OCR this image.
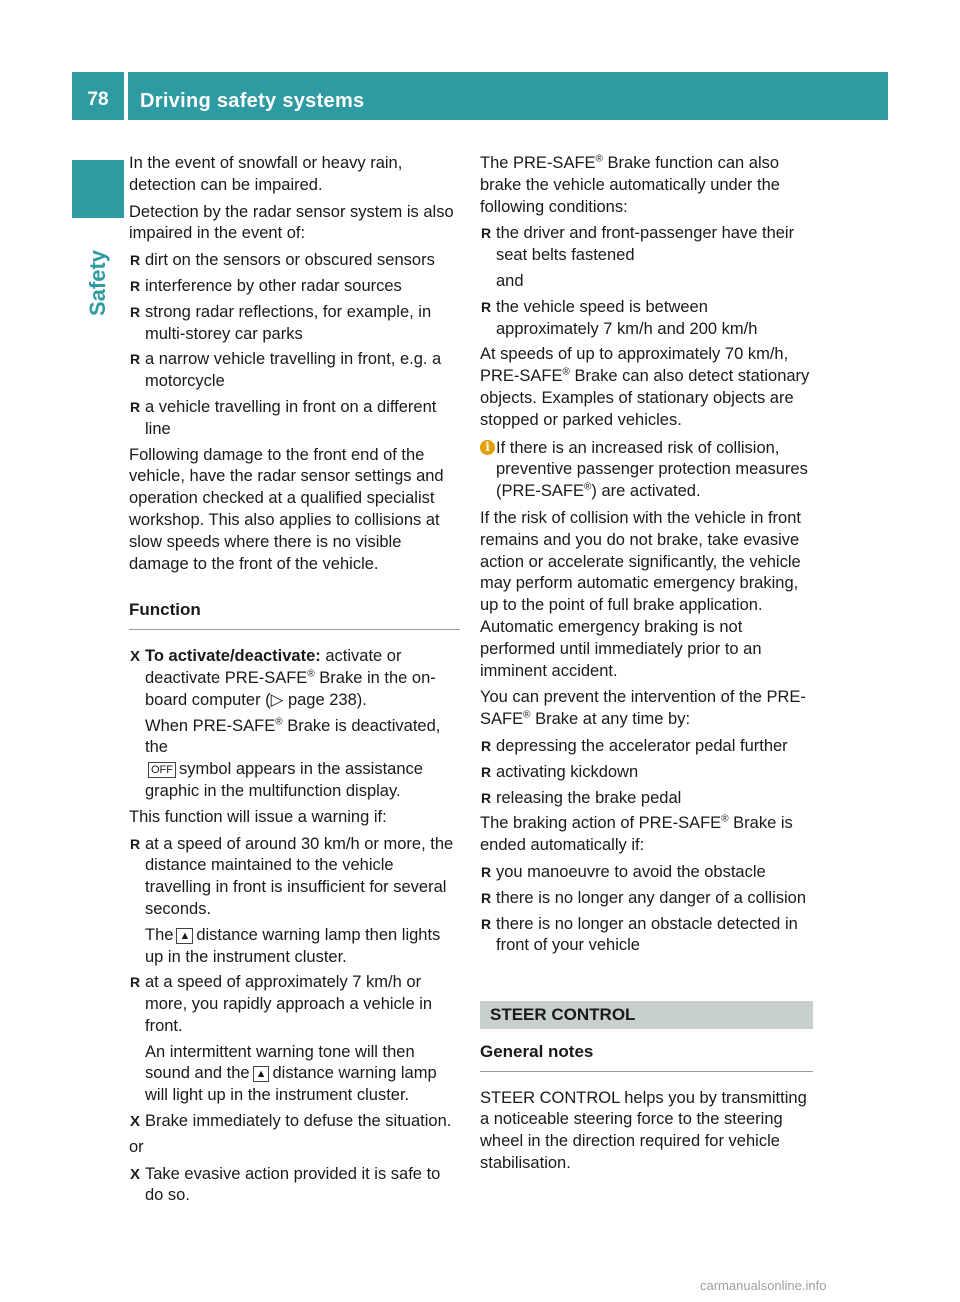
78	Driving safety systems
Safety

In the event of snowfall or heavy rain, detection can be impaired.

Detection by the radar sensor system is also impaired in the event of:

R dirt on the sensors or obscured sensors
R interference by other radar sources
R strong radar reflections, for example, in multi-storey car parks
R a narrow vehicle travelling in front, e.g. a motorcycle
R a vehicle travelling in front on a different line

Following damage to the front end of the vehicle, have the radar sensor settings and operation checked at a qualified specialist workshop. This also applies to collisions at slow speeds where there is no visible damage to the front of the vehicle.

Function
X To activate/deactivate: activate or deactivate PRE-SAFE® Brake in the on-board computer (▷ page 238).
When PRE-SAFE® Brake is deactivated, the
OFF symbol appears in the assistance graphic in the multifunction display.

This function will issue a warning if:

R at a speed of around 30 km/h or more, the distance maintained to the vehicle travelling in front is insufficient for several seconds.
The ▲ distance warning lamp then lights up in the instrument cluster.
R at a speed of approximately 7 km/h or more, you rapidly approach a vehicle in front.
An intermittent warning tone will then sound and the ▲ distance warning lamp will light up in the instrument cluster.
X Brake immediately to defuse the situation.

or

X Take evasive action provided it is safe to do so.

The PRE-SAFE® Brake function can also brake the vehicle automatically under the following conditions:

R the driver and front-passenger have their seat belts fastened
and
R the vehicle speed is between approximately 7 km/h and 200 km/h

At speeds of up to approximately 70 km/h, PRE-SAFE® Brake can also detect stationary objects. Examples of stationary objects are stopped or parked vehicles.

i If there is an increased risk of collision, preventive passenger protection measures (PRE-SAFE®) are activated.

If the risk of collision with the vehicle in front remains and you do not brake, take evasive action or accelerate significantly, the vehicle may perform automatic emergency braking, up to the point of full brake application. Automatic emergency braking is not performed until immediately prior to an imminent accident.

You can prevent the intervention of the PRE-SAFE® Brake at any time by:

R depressing the accelerator pedal further
R activating kickdown
R releasing the brake pedal

The braking action of PRE-SAFE® Brake is ended automatically if:

R you manoeuvre to avoid the obstacle
R there is no longer any danger of a collision
R there is no longer an obstacle detected in front of your vehicle
STEER CONTROL
General notes

STEER CONTROL helps you by transmitting a noticeable steering force to the steering wheel in the direction required for vehicle stabilisation.

carmanualsonline.info
